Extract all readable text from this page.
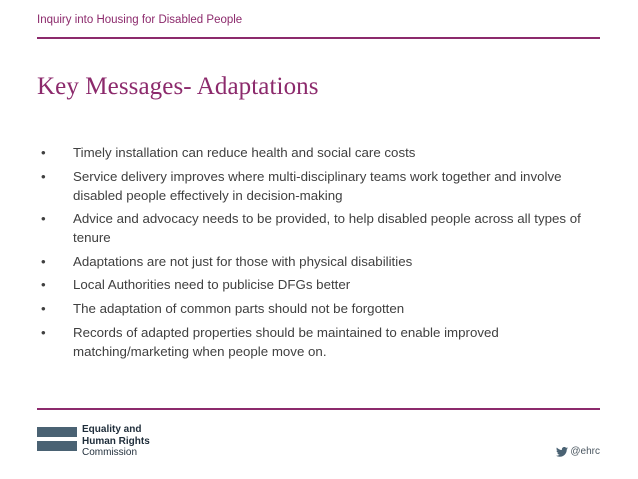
Inquiry into Housing for Disabled People
Key Messages- Adaptations
• Timely installation can reduce health and social care costs
• Service delivery improves where multi-disciplinary teams work together and involve disabled people effectively in decision-making
• Advice and advocacy needs to be provided, to help disabled people across all types of tenure
• Adaptations are not just for those with physical disabilities
• Local Authorities need to publicise DFGs better
• The adaptation of common parts should not be forgotten
• Records of adapted properties should be maintained to enable improved matching/marketing when people move on.
Equality and
Human Rights
Commission	@ehrc
